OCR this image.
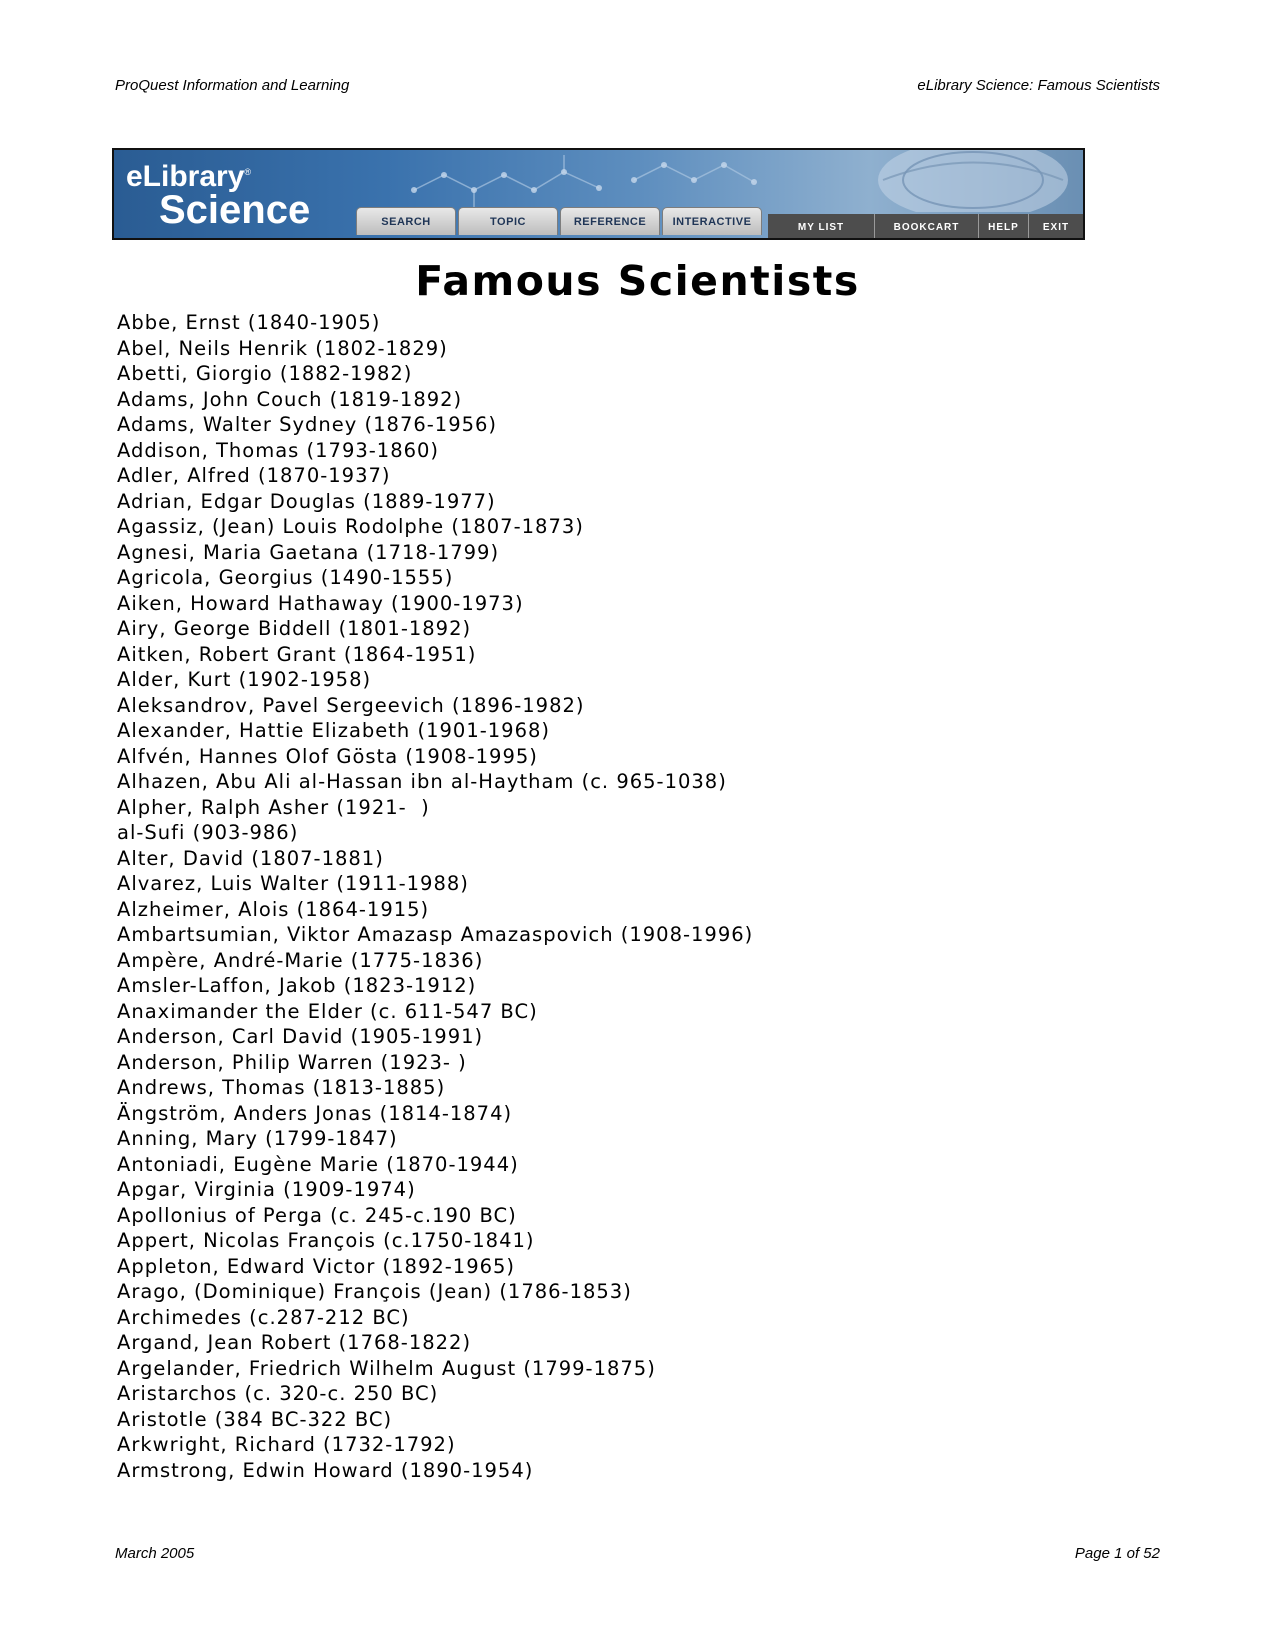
ProQuest Information and Learning	eLibrary Science: Famous Scientists
eLibrary®
Science	SEARCH	TOPIC	REFERENCE	INTERACTIVE	MY LIST	BOOKCART	HELP	EXIT
Famous Scientists
Abbe, Ernst (1840-1905)
Abel, Neils Henrik (1802-1829)
Abetti, Giorgio (1882-1982)
Adams, John Couch (1819-1892)
Adams, Walter Sydney (1876-1956)
Addison, Thomas (1793-1860)
Adler, Alfred (1870-1937)
Adrian, Edgar Douglas (1889-1977)
Agassiz, (Jean) Louis Rodolphe (1807-1873)
Agnesi, Maria Gaetana (1718-1799)
Agricola, Georgius (1490-1555)
Aiken, Howard Hathaway (1900-1973)
Airy, George Biddell (1801-1892)
Aitken, Robert Grant (1864-1951)
Alder, Kurt (1902-1958)
Aleksandrov, Pavel Sergeevich (1896-1982)
Alexander, Hattie Elizabeth (1901-1968)
Alfvén, Hannes Olof Gösta (1908-1995)
Alhazen, Abu Ali al-Hassan ibn al-Haytham (c. 965-1038)
Alpher, Ralph Asher (1921-  )
al-Sufi (903-986)
Alter, David (1807-1881)
Alvarez, Luis Walter (1911-1988)
Alzheimer, Alois (1864-1915)
Ambartsumian, Viktor Amazasp Amazaspovich (1908-1996)
Ampère, André-Marie (1775-1836)
Amsler-Laffon, Jakob (1823-1912)
Anaximander the Elder (c. 611-547 BC)
Anderson, Carl David (1905-1991)
Anderson, Philip Warren (1923- )
Andrews, Thomas (1813-1885)
Ängström, Anders Jonas (1814-1874)
Anning, Mary (1799-1847)
Antoniadi, Eugène Marie (1870-1944)
Apgar, Virginia (1909-1974)
Apollonius of Perga (c. 245-c.190 BC)
Appert, Nicolas François (c.1750-1841)
Appleton, Edward Victor (1892-1965)
Arago, (Dominique) François (Jean) (1786-1853)
Archimedes (c.287-212 BC)
Argand, Jean Robert (1768-1822)
Argelander, Friedrich Wilhelm August (1799-1875)
Aristarchos (c. 320-c. 250 BC)
Aristotle (384 BC-322 BC)
Arkwright, Richard (1732-1792)
Armstrong, Edwin Howard (1890-1954)
March 2005	Page 1 of 52
